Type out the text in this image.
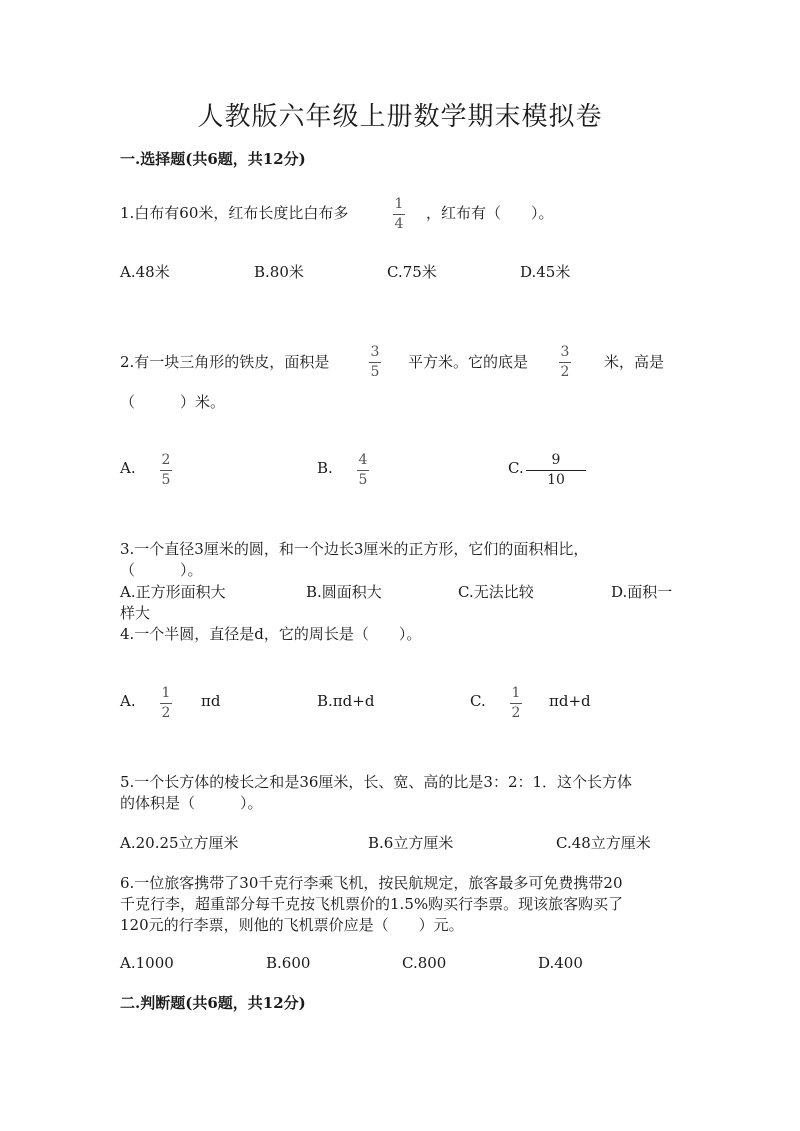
人教版六年级上册数学期末模拟卷
一.选择题(共6题，共12分)
1.白布有60米，红布长度比白布多	1
4
，红布有（　　）。
A.48米	B.80米	C.75米	D.45米
2.有一块三角形的铁皮，面积是
3
5
平方米。它的底是
3
2
米，高是
（　　　）米。
A. 2
5
B. 4
5
C. 9
10
3.一个直径3厘米的圆，和一个边长3厘米的正方形，它们的面积相比，
（　　　）。
A.正方形面积大	B.圆面积大	C.无法比较	D.面积一
样大
4.一个半圆，直径是d，它的周长是（　　）。
A. 1
2
πd	B.πd+d	C. 1
2
πd+d
5.一个长方体的棱长之和是36厘米，长、宽、高的比是3：2：1．这个长方体
的体积是（　　　）。
A.20.25立方厘米	B.6立方厘米	C.48立方厘米
6.一位旅客携带了30千克行李乘飞机，按民航规定，旅客最多可免费携带20
千克行李，超重部分每千克按飞机票价的1.5%购买行李票。现该旅客购买了
120元的行李票，则他的飞机票价应是（　　）元。
A.1000	B.600	C.800	D.400
二.判断题(共6题，共12分)
